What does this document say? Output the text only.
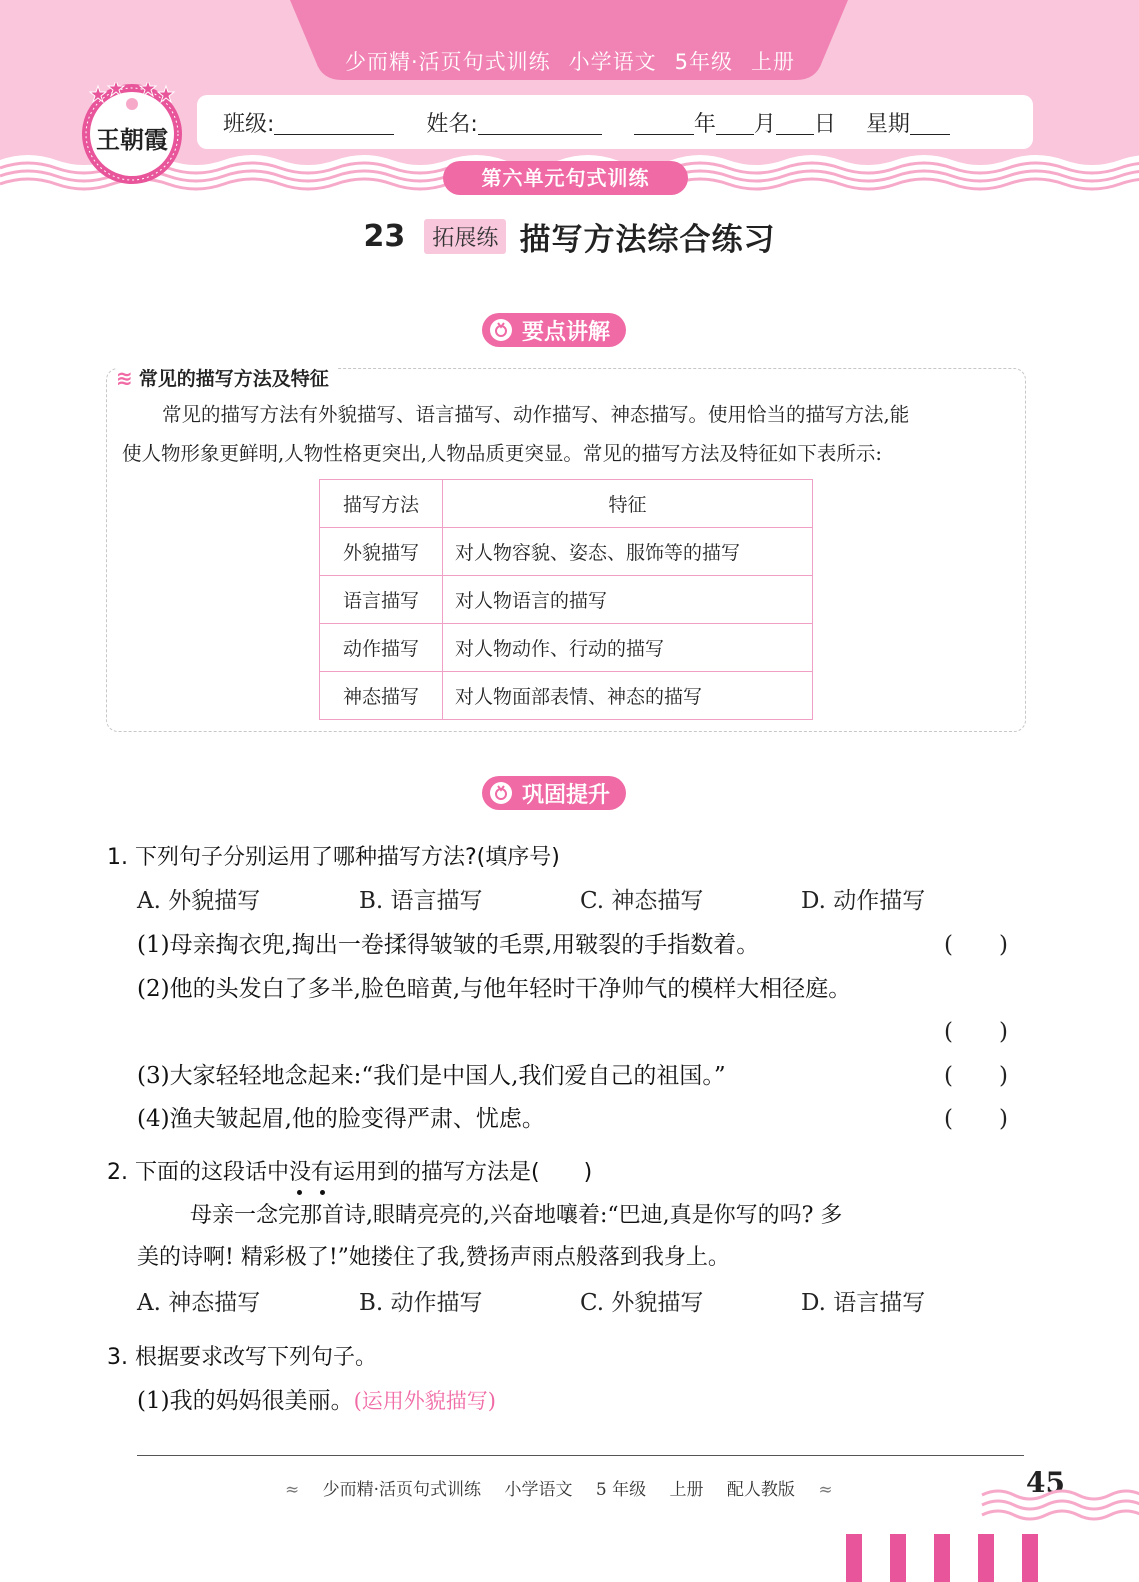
少而精·活页句式训练 小学语文 5年级 上册
王朝霞
班级:	姓名:	年 月 日 星期
第六单元句式训练
23 拓展练 描写方法综合练习
要点讲解
≋ 常见的描写方法及特征
常见的描写方法有外貌描写、语言描写、动作描写、神态描写。使用恰当的描写方法,能
使人物形象更鲜明,人物性格更突出,人物品质更突显。常见的描写方法及特征如下表所示:
描写方法	特征
外貌描写	对人物容貌、姿态、服饰等的描写
语言描写	对人物语言的描写
动作描写	对人物动作、行动的描写
神态描写	对人物面部表情、神态的描写
巩固提升
1. 下列句子分别运用了哪种描写方法?(填序号)
A. 外貌描写	B. 语言描写	C. 神态描写	D. 动作描写
(1)母亲掏衣兜,掏出一卷揉得皱皱的毛票,用皲裂的手指数着。	(　　)
(2)他的头发白了多半,脸色暗黄,与他年轻时干净帅气的模样大相径庭。
(　　)
(3)大家轻轻地念起来:“我们是中国人,我们爱自己的祖国。”	(　　)
(4)渔夫皱起眉,他的脸变得严肃、忧虑。	(　　)
2. 下面的这段话中没有运用到的描写方法是(　　)
母亲一念完那首诗,眼睛亮亮的,兴奋地嚷着:“巴迪,真是你写的吗? 多
美的诗啊! 精彩极了!”她搂住了我,赞扬声雨点般落到我身上。
A. 神态描写	B. 动作描写	C. 外貌描写	D. 语言描写
3. 根据要求改写下列句子。
(1)我的妈妈很美丽。(运用外貌描写)
≈ 少而精·活页句式训练 小学语文 5 年级 上册 配人教版 ≈	45
